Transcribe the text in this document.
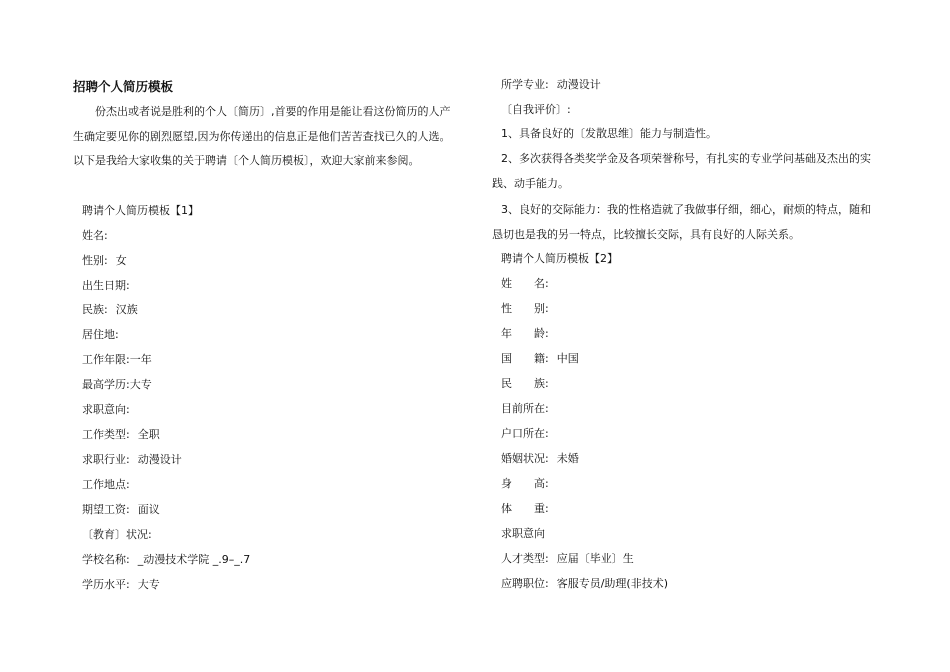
招聘个人简历模板

份杰出或者说是胜利的个人〔简历〕,首要的作用是能让看这份简历的人产生确定要见你的剧烈愿望,因为你传递出的信息正是他们苦苦查找已久的人选。以下是我给大家收集的关于聘请〔个人简历模板〕，欢迎大家前来参阅。

聘请个人简历模板【1】
姓名:
性别: 女
出生日期:
民族: 汉族
居住地:
工作年限:一年
最高学历:大专
求职意向:
工作类型: 全职
求职行业: 动漫设计
工作地点:
期望工资: 面议
〔教育〕状况:
学校名称: _动漫技术学院 _.9–_.7
学历水平: 大专
所学专业: 动漫设计
〔自我评价〕:
1、具备良好的〔发散思维〕能力与制造性。

2、多次获得各类奖学金及各项荣誉称号，有扎实的专业学问基础及杰出的实践、动手能力。

3、良好的交际能力：我的性格造就了我做事仔细，细心，耐烦的特点，随和恳切也是我的另一特点，比较擅长交际，具有良好的人际关系。

聘请个人简历模板【2】
姓　　名:
性　　别:
年　　龄:
国　　籍: 中国
民　　族:
目前所在:
户口所在:
婚姻状况: 未婚
身　　高:
体　　重:
求职意向
人才类型: 应届〔毕业〕生
应聘职位: 客服专员/助理(非技术)
